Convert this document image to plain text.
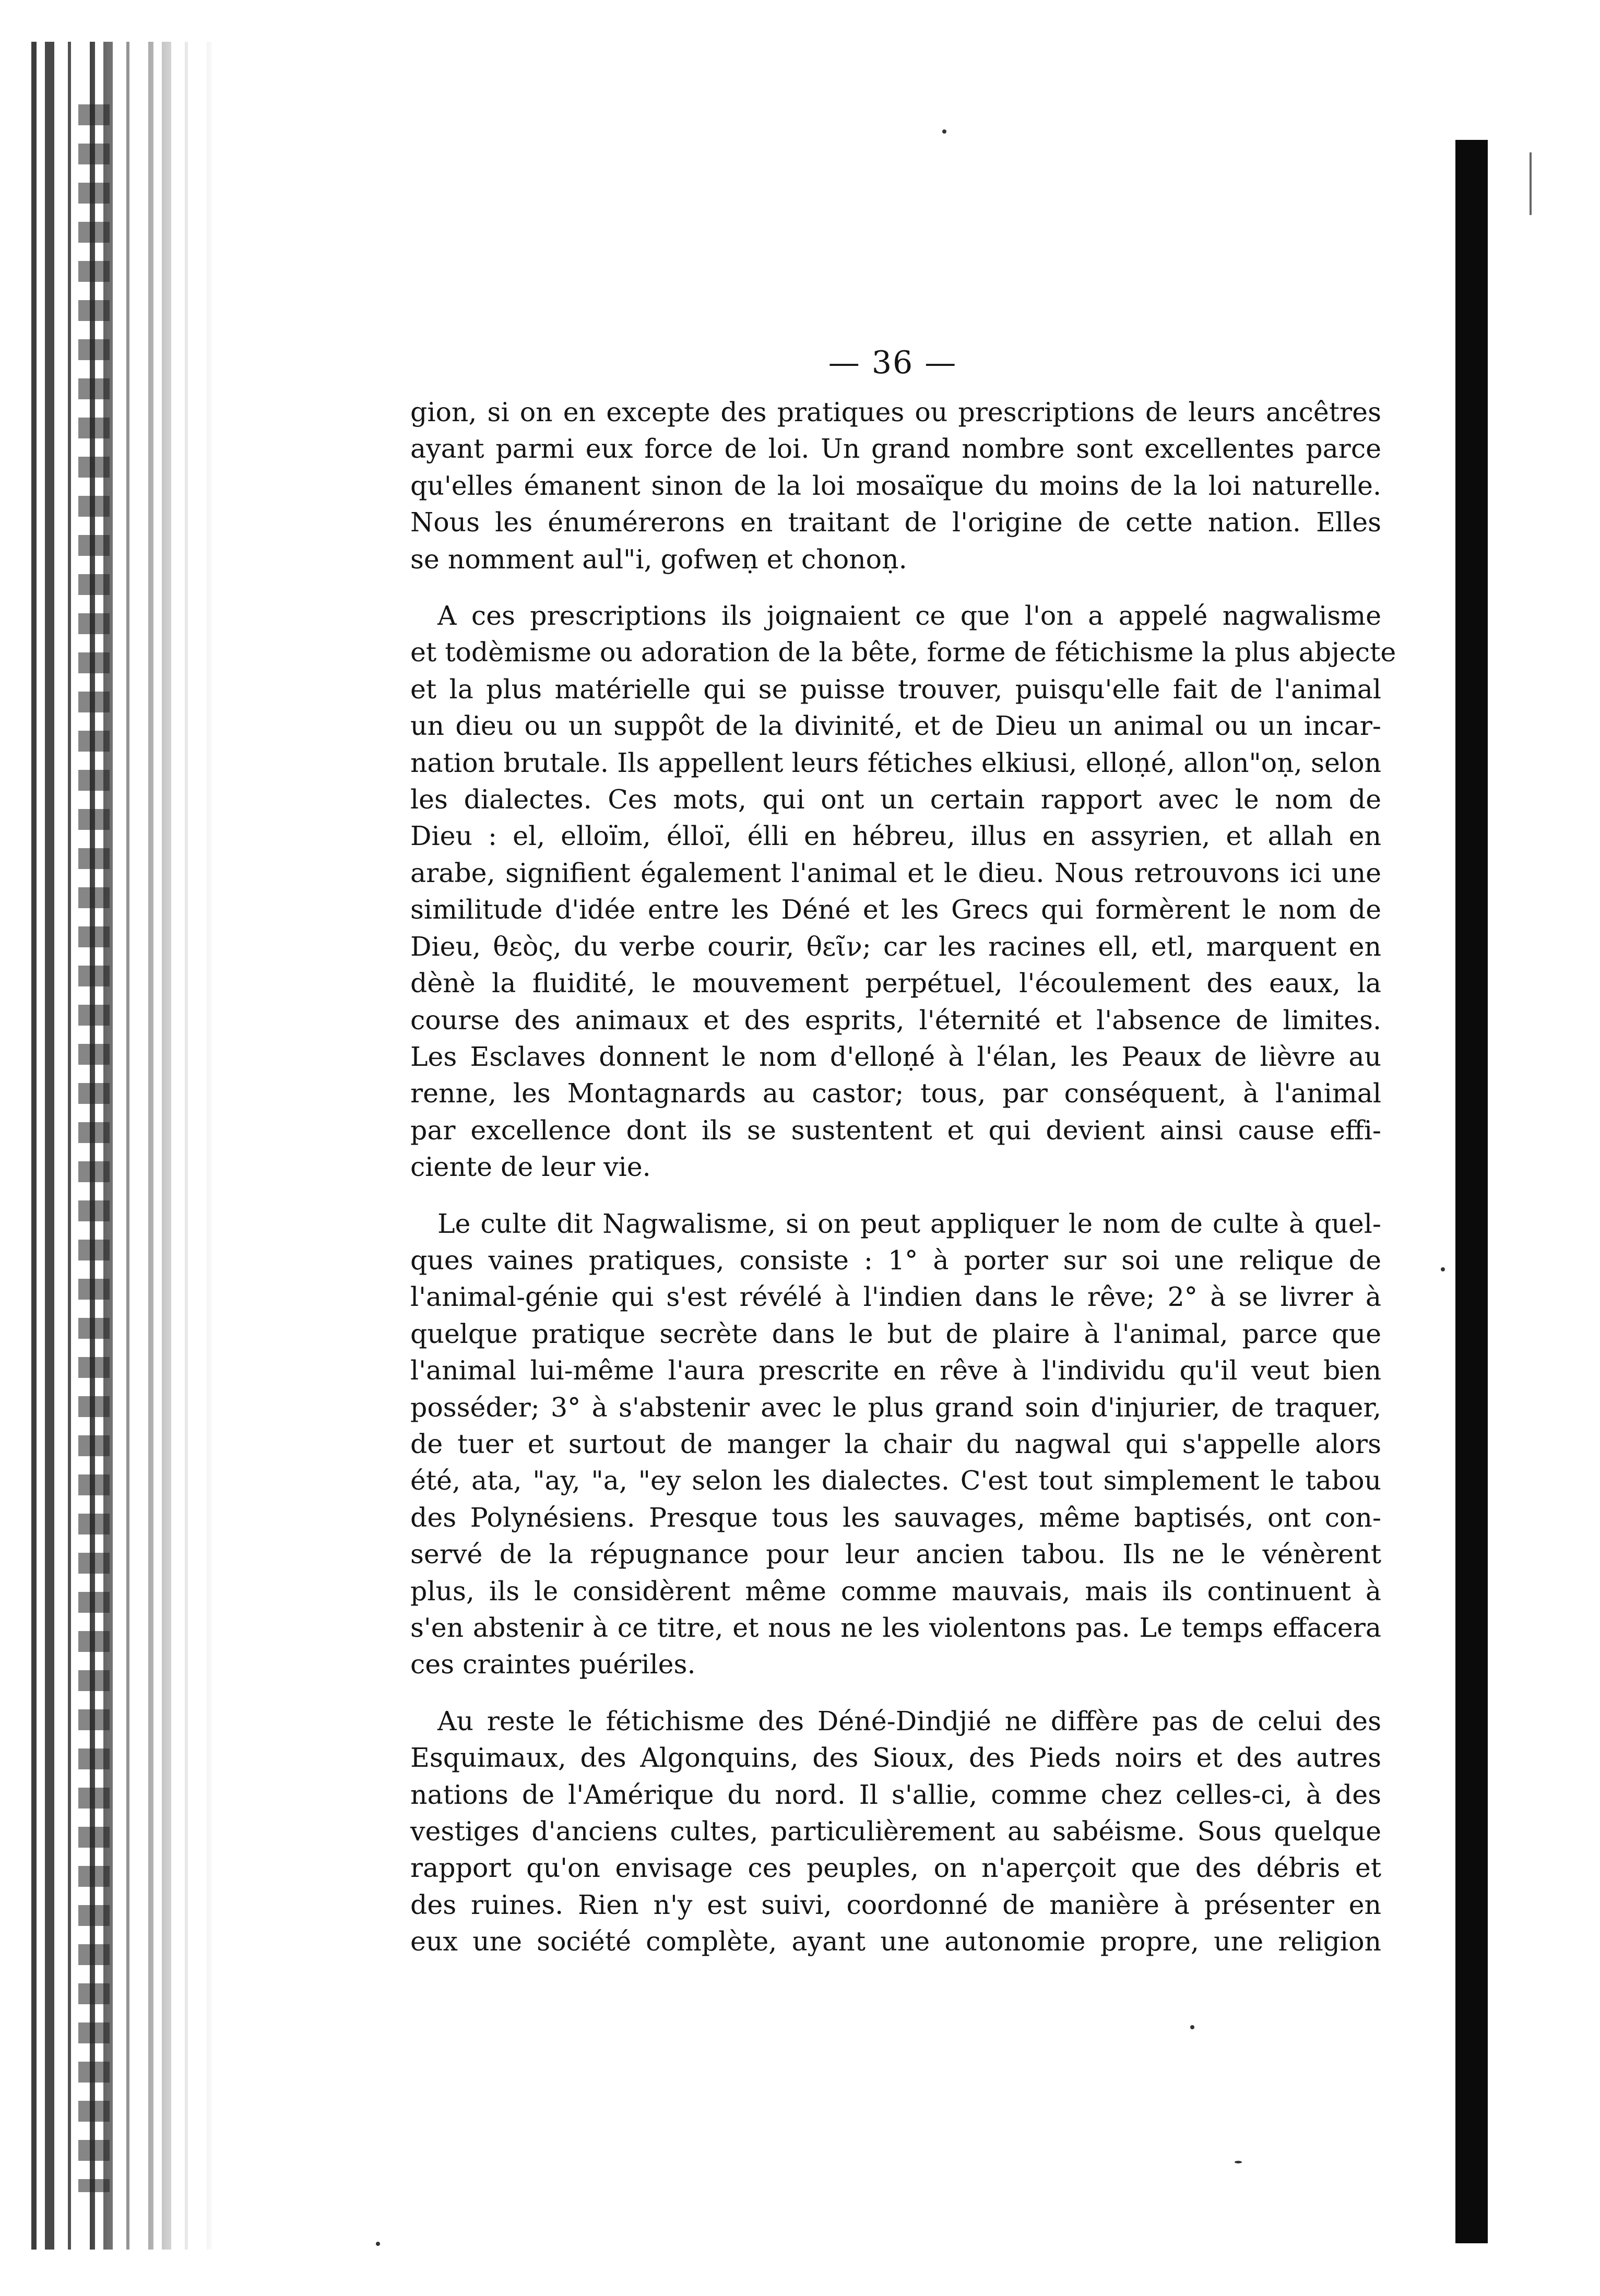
— 36 —

gion, si on en excepte des pratiques ou prescriptions de leurs ancêtres
ayant parmi eux force de loi. Un grand nombre sont excellentes parce
qu'elles émanent sinon de la loi mosaïque du moins de la loi naturelle.
Nous les énumérerons en traitant de l'origine de cette nation. Elles
se nomment aul"i, gofweṇ et chonoṇ.

A ces prescriptions ils joignaient ce que l'on a appelé nagwalisme
et todèmisme ou adoration de la bête, forme de fétichisme la plus abjecte
et la plus matérielle qui se puisse trouver, puisqu'elle fait de l'animal
un dieu ou un suppôt de la divinité, et de Dieu un animal ou un incar-
nation brutale. Ils appellent leurs fétiches elkiusi, elloṇé, allon"oṇ, selon
les dialectes. Ces mots, qui ont un certain rapport avec le nom de
Dieu : el, elloïm, élloï, élli en hébreu, illus en assyrien, et allah en
arabe, signifient également l'animal et le dieu. Nous retrouvons ici une
similitude d'idée entre les Déné et les Grecs qui formèrent le nom de
Dieu, θεὸς, du verbe courir, θεῖν; car les racines ell, etl, marquent en
dènè la fluidité, le mouvement perpétuel, l'écoulement des eaux, la
course des animaux et des esprits, l'éternité et l'absence de limites.
Les Esclaves donnent le nom d'elloṇé à l'élan, les Peaux de lièvre au
renne, les Montagnards au castor; tous, par conséquent, à l'animal
par excellence dont ils se sustentent et qui devient ainsi cause effi-
ciente de leur vie.

Le culte dit Nagwalisme, si on peut appliquer le nom de culte à quel-
ques vaines pratiques, consiste : 1° à porter sur soi une relique de
l'animal-génie qui s'est révélé à l'indien dans le rêve; 2° à se livrer à
quelque pratique secrète dans le but de plaire à l'animal, parce que
l'animal lui-même l'aura prescrite en rêve à l'individu qu'il veut bien
posséder; 3° à s'abstenir avec le plus grand soin d'injurier, de traquer,
de tuer et surtout de manger la chair du nagwal qui s'appelle alors
été, ata, "ay, "a, "ey selon les dialectes. C'est tout simplement le tabou
des Polynésiens. Presque tous les sauvages, même baptisés, ont con-
servé de la répugnance pour leur ancien tabou. Ils ne le vénèrent
plus, ils le considèrent même comme mauvais, mais ils continuent à
s'en abstenir à ce titre, et nous ne les violentons pas. Le temps effacera
ces craintes puériles.

Au reste le fétichisme des Déné-Dindjié ne diffère pas de celui des
Esquimaux, des Algonquins, des Sioux, des Pieds noirs et des autres
nations de l'Amérique du nord. Il s'allie, comme chez celles-ci, à des
vestiges d'anciens cultes, particulièrement au sabéisme. Sous quelque
rapport qu'on envisage ces peuples, on n'aperçoit que des débris et
des ruines. Rien n'y est suivi, coordonné de manière à présenter en
eux une société complète, ayant une autonomie propre, une religion
